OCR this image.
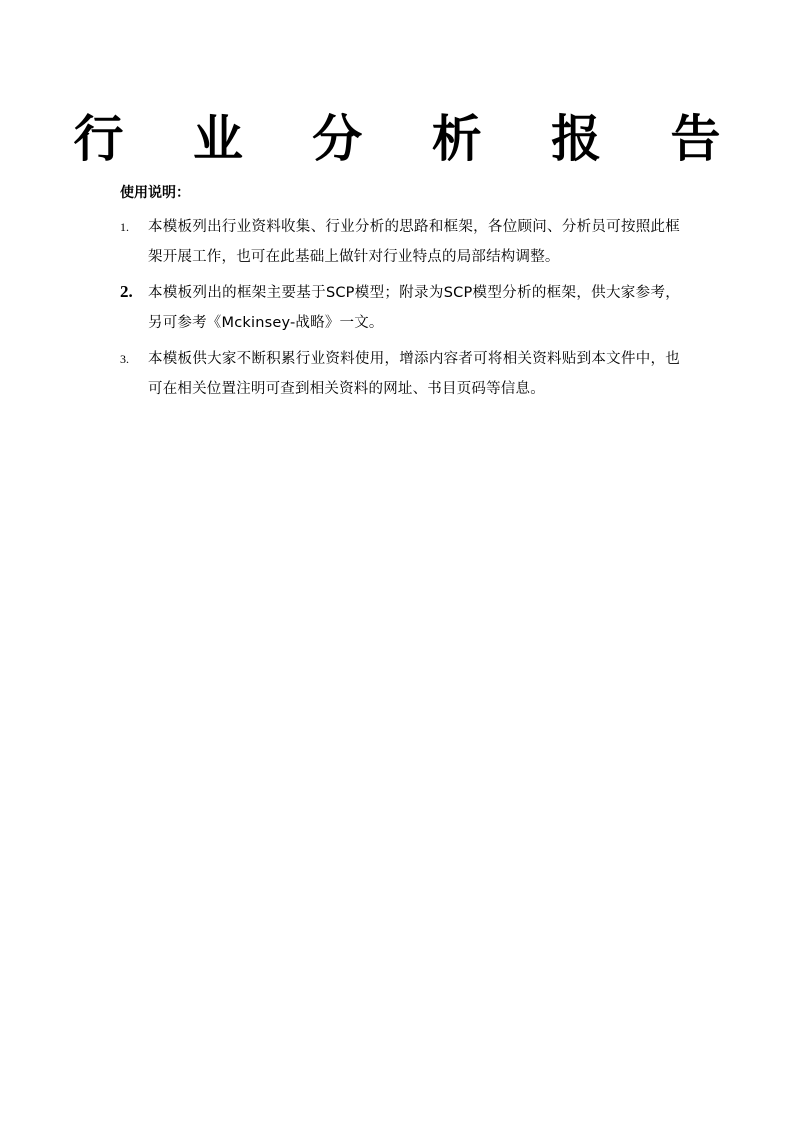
行 业 分 析 报 告

使用说明：

1. 本模板列出行业资料收集、行业分析的思路和框架，各位顾问、分析员可按照此框架开展工作，也可在此基础上做针对行业特点的局部结构调整。
2. 本模板列出的框架主要基于SCP模型；附录为SCP模型分析的框架，供大家参考，另可参考《Mckinsey-战略》一文。
3. 本模板供大家不断积累行业资料使用，增添内容者可将相关资料贴到本文件中，也可在相关位置注明可查到相关资料的网址、书目页码等信息。
